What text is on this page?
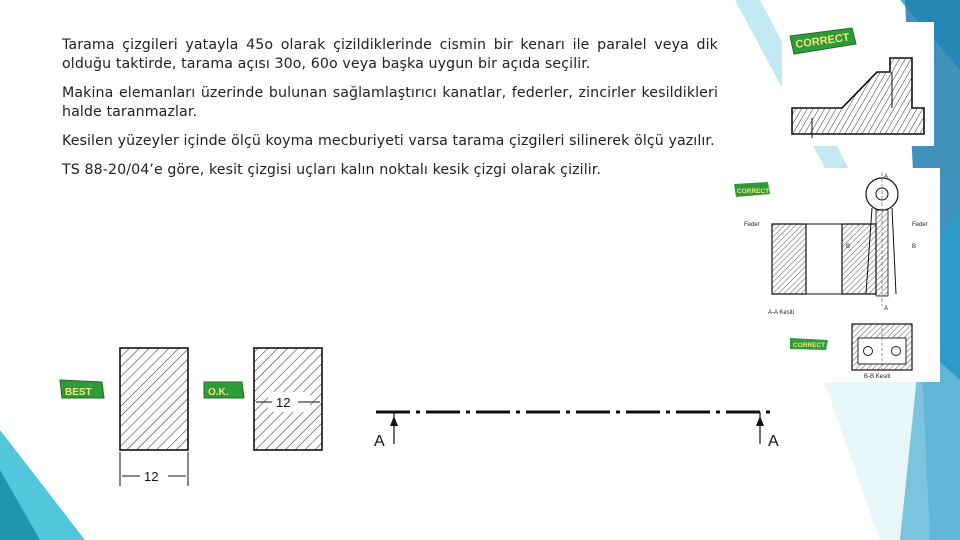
Tarama çizgileri yatayla 45o olarak çizildiklerinde cismin bir kenarı ile paralel veya dik olduğu taktirde, tarama açısı 30o, 60o veya başka uygun bir açıda seçilir.

Makina elemanları üzerinde bulunan sağlamlaştırıcı kanatlar, federler, zincirler kesildikleri halde taranmazlar.

Kesilen yüzeyler içinde ölçü koyma mecburiyeti varsa tarama çizgileri silinerek ölçü yazılır.

TS 88-20/04’e göre, kesit çizgisi uçları kalın noktalı kesik çizgi olarak çizilir.

CORRECT
Feder	Feder
B	B
A
A
A-A Kesiti
B-B Kesiti
CORRECT
CORRECT
12
12
BEST	O.K.
A	A
